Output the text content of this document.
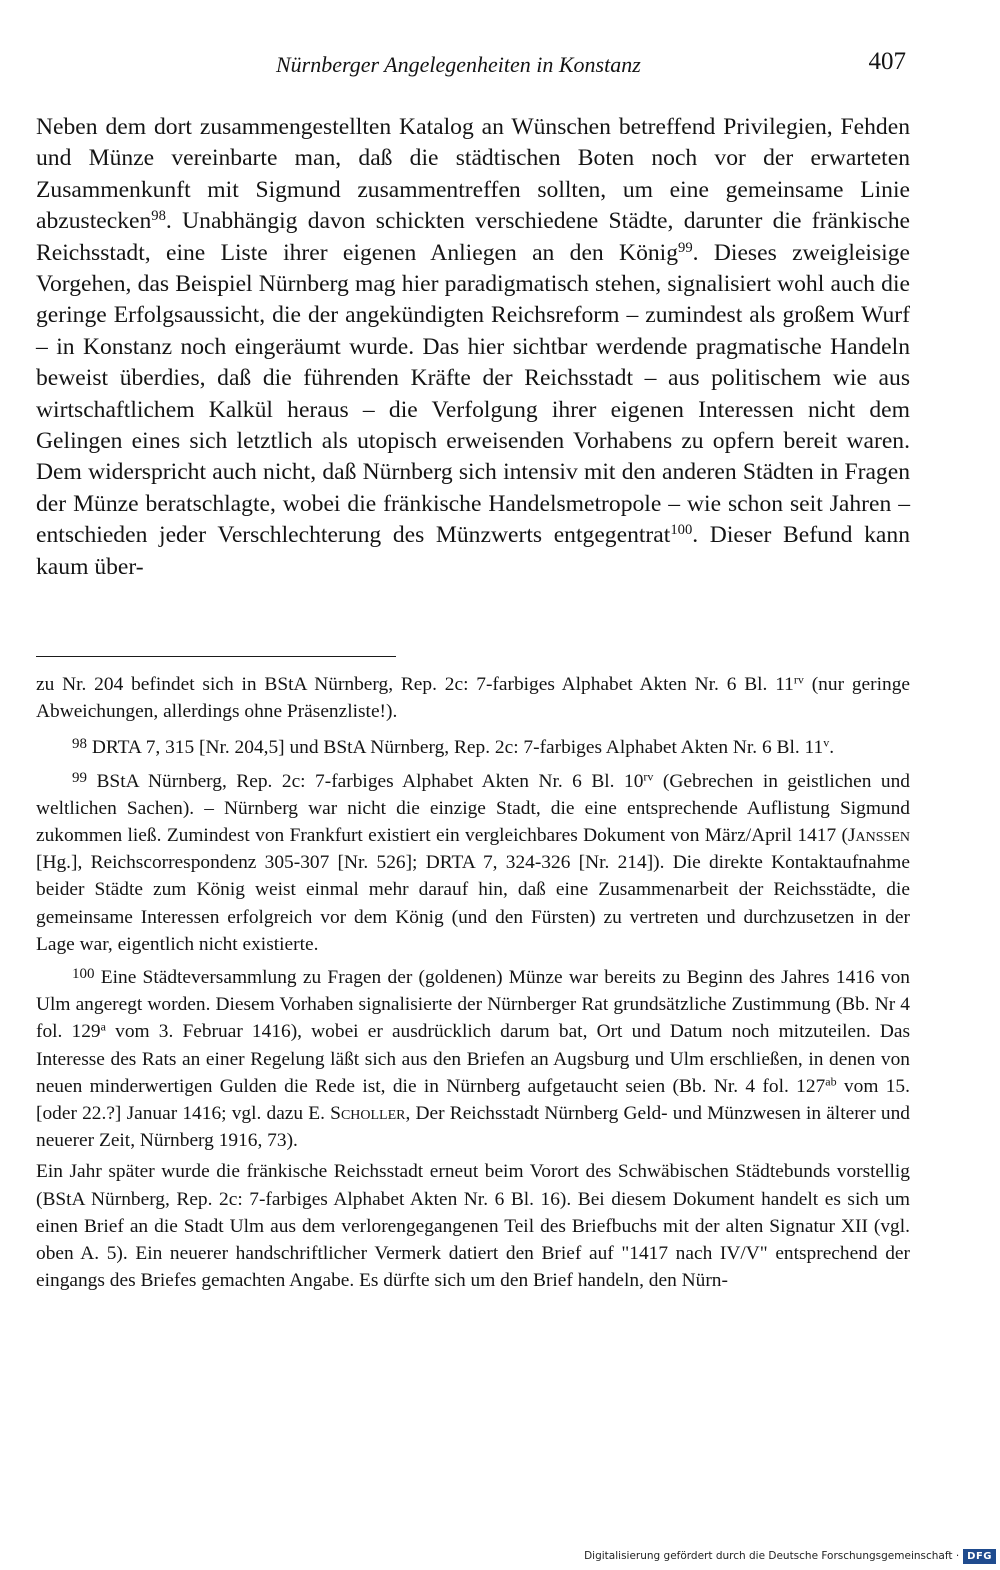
Nürnberger Angelegenheiten in Konstanz	407

Neben dem dort zusammengestellten Katalog an Wünschen betreffend Privilegien, Fehden und Münze vereinbarte man, daß die städtischen Boten noch vor der erwarteten Zusammenkunft mit Sigmund zusammentreffen sollten, um eine gemeinsame Linie abzustecken$^{98}$. Unabhängig davon schickten verschiedene Städte, darunter die fränkische Reichsstadt, eine Liste ihrer eigenen Anliegen an den König$^{99}$. Dieses zweigleisige Vorgehen, das Beispiel Nürnberg mag hier paradigmatisch stehen, signalisiert wohl auch die geringe Erfolgsaussicht, die der angekündigten Reichsreform – zumindest als großem Wurf – in Konstanz noch eingeräumt wurde. Das hier sichtbar werdende pragmatische Handeln beweist überdies, daß die führenden Kräfte der Reichsstadt – aus politischem wie aus wirtschaftlichem Kalkül heraus – die Verfolgung ihrer eigenen Interessen nicht dem Gelingen eines sich letztlich als utopisch erweisenden Vorhabens zu opfern bereit waren. Dem widerspricht auch nicht, daß Nürnberg sich intensiv mit den anderen Städten in Fragen der Münze beratschlagte, wobei die fränkische Handelsmetropole – wie schon seit Jahren – entschieden jeder Verschlechterung des Münzwerts entgegentrat$^{100}$. Dieser Befund kann kaum über-

zu Nr. 204 befindet sich in BStA Nürnberg, Rep. 2c: 7-farbiges Alphabet Akten Nr. 6 Bl. $11^{rv}$ (nur geringe Abweichungen, allerdings ohne Präsenzliste!).

$^{98}$ DRTA 7, 315 [Nr. 204,5] und BStA Nürnberg, Rep. 2c: 7-farbiges Alphabet Akten Nr. 6 Bl. 11$^v$.

$^{99}$ BStA Nürnberg, Rep. 2c: 7-farbiges Alphabet Akten Nr. 6 Bl. $10^{rv}$ (Gebrechen in geistlichen und weltlichen Sachen). – Nürnberg war nicht die einzige Stadt, die eine entsprechende Auflistung Sigmund zukommen ließ. Zumindest von Frankfurt existiert ein vergleichbares Dokument von März/April 1417 (Janssen [Hg.], Reichscorrespondenz 305-307 [Nr. 526]; DRTA 7, 324-326 [Nr. 214]). Die direkte Kontaktaufnahme beider Städte zum König weist einmal mehr darauf hin, daß eine Zusammenarbeit der Reichsstädte, die gemeinsame Interessen erfolgreich vor dem König (und den Fürsten) zu vertreten und durchzusetzen in der Lage war, eigentlich nicht existierte.

$^{100}$ Eine Städteversammlung zu Fragen der (goldenen) Münze war bereits zu Beginn des Jahres 1416 von Ulm angeregt worden. Diesem Vorhaben signalisierte der Nürnberger Rat grundsätzliche Zustimmung (Bb. Nr 4 fol. 129$^a$ vom 3. Februar 1416), wobei er ausdrücklich darum bat, Ort und Datum noch mitzuteilen. Das Interesse des Rats an einer Regelung läßt sich aus den Briefen an Augsburg und Ulm erschließen, in denen von neuen minderwertigen Gulden die Rede ist, die in Nürnberg aufgetaucht seien (Bb. Nr. 4 fol. $127^{ab}$ vom 15. [oder 22.?] Januar 1416; vgl. dazu E. Scholler, Der Reichsstadt Nürnberg Geld- und Münzwesen in älterer und neuerer Zeit, Nürnberg 1916, 73).

Ein Jahr später wurde die fränkische Reichsstadt erneut beim Vorort des Schwäbischen Städtebunds vorstellig (BStA Nürnberg, Rep. 2c: 7-farbiges Alphabet Akten Nr. 6 Bl. 16). Bei diesem Dokument handelt es sich um einen Brief an die Stadt Ulm aus dem verlorengegangenen Teil des Briefbuchs mit der alten Signatur XII (vgl. oben A. 5). Ein neuerer handschriftlicher Vermerk datiert den Brief auf "1417 nach IV/V" entsprechend der eingangs des Briefes gemachten Angabe. Es dürfte sich um den Brief handeln, den Nürn-

Digitalisierung gefördert durch die Deutsche Forschungsgemeinschaft · DFG
